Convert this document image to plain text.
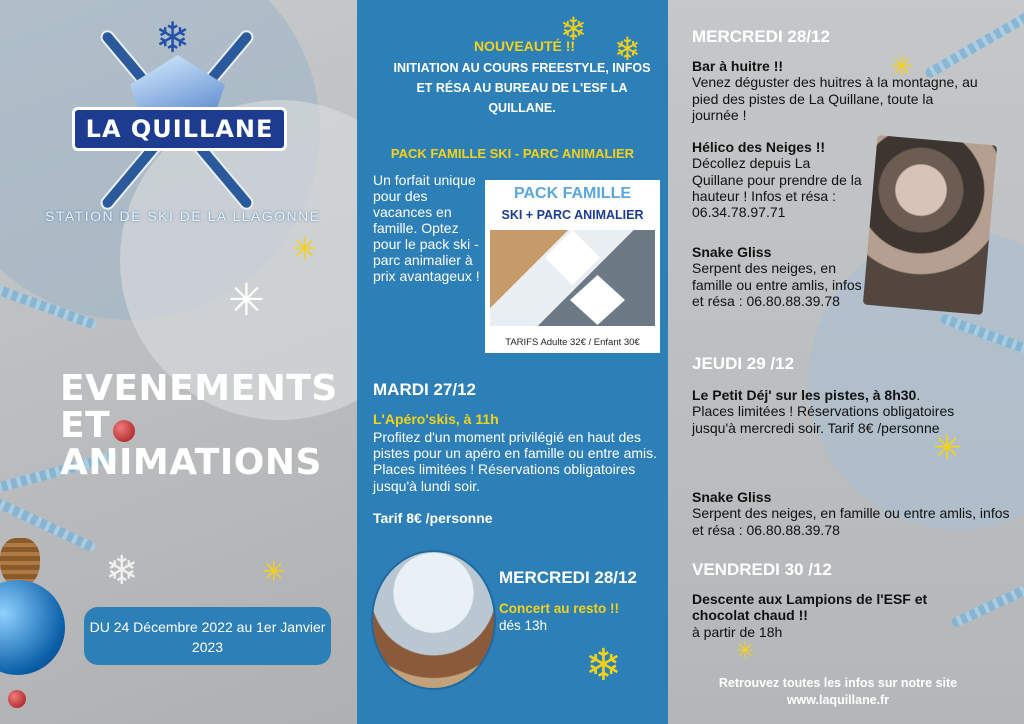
❄
LA QUILLANE
STATION DE SKI DE LA LLAGONNE
✳
✳
✳
❄
EVENEMENTS
ET
ANIMATIONS
DU 24 Décembre 2022 au 1er Janvier 2023
❄
❄
NOUVEAUTÉ !!
INITIATION AU COURS FREESTYLE, INFOS ET RÉSA AU BUREAU DE L'ESF LA QUILLANE.
PACK FAMILLE SKI - PARC ANIMALIER
Un forfait unique pour des vacances en famille. Optez pour le pack ski - parc animalier à prix avantageux !
PACK FAMILLE
SKI + PARC ANIMALIER
TARIFS Adulte 32€ / Enfant 30€
MARDI 27/12
L'Apéro'skis, à 11h
Profitez d'un moment privilégié en haut des pistes pour un apéro en famille ou entre amis. Places limitées ! Réservations obligatoires jusqu'à lundi soir.
Tarif 8€ /personne
MERCREDI 28/12
Concert au resto !!
dés 13h
❄
MERCREDI 28/12
✳
Bar à huitre !!
Venez déguster des huitres à la montagne, au pied des pistes de La Quillane, toute la journée !
Hélico des Neiges !!
Décollez depuis La Quillane pour prendre de la hauteur ! Infos et résa : 06.34.78.97.71
Snake Gliss
Serpent des neiges, en famille ou entre amlis, infos et résa : 06.80.88.39.78
JEUDI 29 /12
Le Petit Déj' sur les pistes, à 8h30. Places limitées ! Réservations obligatoires jusqu'à mercredi soir. Tarif 8€ /personne
✳
Snake Gliss
Serpent des neiges, en famille ou entre amlis, infos et résa : 06.80.88.39.78
VENDREDI 30 /12
Descente aux Lampions de l'ESF et chocolat chaud !!
à partir de 18h
✳
Retrouvez toutes les infos sur notre site www.laquillane.fr
